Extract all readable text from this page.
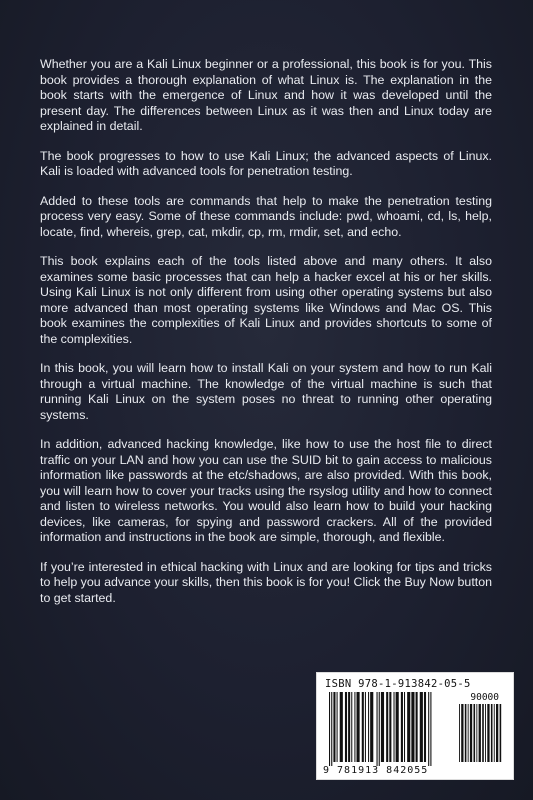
Whether you are a Kali Linux beginner or a professional, this book is for you. This book provides a thorough explanation of what Linux is. The explanation in the book starts with the emergence of Linux and how it was developed until the present day. The differences between Linux as it was then and Linux today are explained in detail.

The book progresses to how to use Kali Linux; the advanced aspects of Linux. Kali is loaded with advanced tools for penetration testing.

Added to these tools are commands that help to make the penetration testing process very easy. Some of these commands include: pwd, whoami, cd, ls, help, locate, find, whereis, grep, cat, mkdir, cp, rm, rmdir, set, and echo.

This book explains each of the tools listed above and many others. It also examines some basic processes that can help a hacker excel at his or her skills. Using Kali Linux is not only different from using other operating systems but also more advanced than most operating systems like Windows and Mac OS. This book examines the complexities of Kali Linux and provides shortcuts to some of the complexities.

In this book, you will learn how to install Kali on your system and how to run Kali through a virtual machine. The knowledge of the virtual machine is such that running Kali Linux on the system poses no threat to running other operating systems.

In addition, advanced hacking knowledge, like how to use the host file to direct traffic on your LAN and how you can use the SUID bit to gain access to malicious information like passwords at the etc/shadows, are also provided. With this book, you will learn how to cover your tracks using the rsyslog utility and how to connect and listen to wireless networks. You would also learn how to build your hacking devices, like cameras, for spying and password crackers. All of the provided information and instructions in the book are simple, thorough, and flexible.

If you’re interested in ethical hacking with Linux and are looking for tips and tricks to help you advance your skills, then this book is for you! Click the Buy Now button to get started.

ISBN 978-1-913842-05-5
90000
9 781913 842055
